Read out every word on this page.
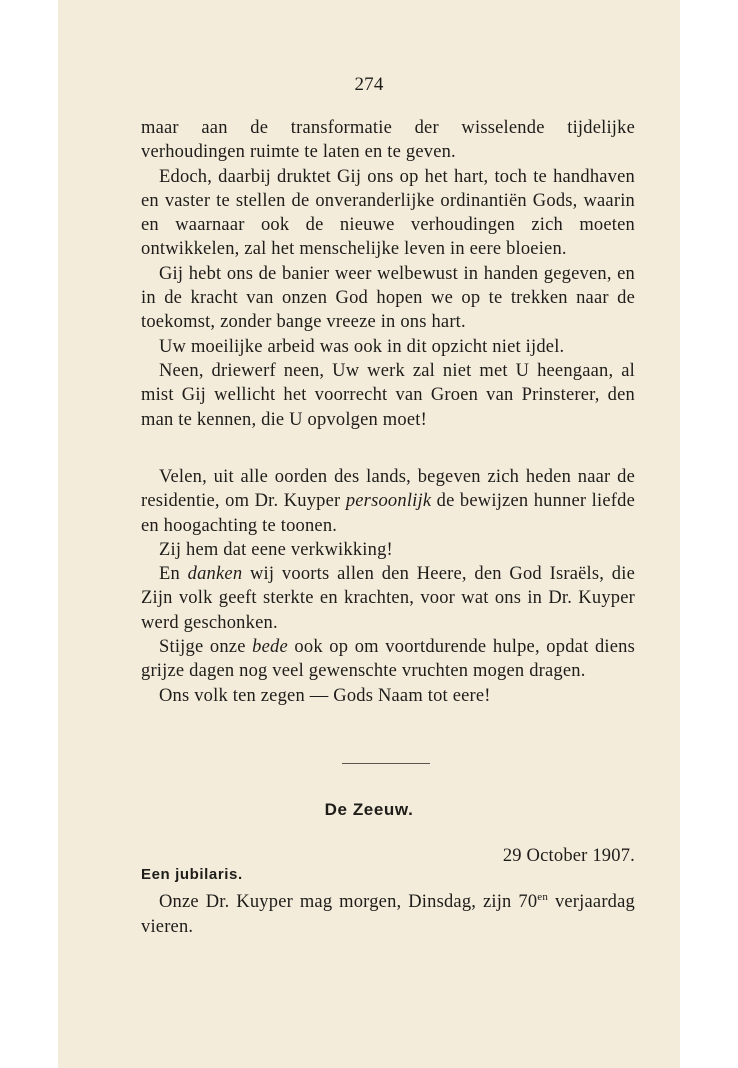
274

maar aan de transformatie der wisselende tijdelijke verhoudingen ruimte te laten en te geven.

Edoch, daarbij druktet Gij ons op het hart, toch te handhaven en vaster te stellen de onveranderlijke ordinantiën Gods, waarin en waarnaar ook de nieuwe verhoudingen zich moeten ontwikkelen, zal het menschelijke leven in eere bloeien.

Gij hebt ons de banier weer welbewust in handen gegeven, en in de kracht van onzen God hopen we op te trekken naar de toekomst, zonder bange vreeze in ons hart.

Uw moeilijke arbeid was ook in dit opzicht niet ijdel.

Neen, driewerf neen, Uw werk zal niet met U heengaan, al mist Gij wellicht het voorrecht van Groen van Prinsterer, den man te kennen, die U opvolgen moet!

Velen, uit alle oorden des lands, begeven zich heden naar de residentie, om Dr. Kuyper persoonlijk de bewijzen hunner liefde en hoogachting te toonen.

Zij hem dat eene verkwikking!

En danken wij voorts allen den Heere, den God Israëls, die Zijn volk geeft sterkte en krachten, voor wat ons in Dr. Kuyper werd geschonken.

Stijge onze bede ook op om voortdurende hulpe, opdat diens grijze dagen nog veel gewenschte vruchten mogen dragen.

Ons volk ten zegen — Gods Naam tot eere!

De Zeeuw.
29 October 1907.
Een jubilaris.

Onze Dr. Kuyper mag morgen, Dinsdag, zijn $70^{en}$ verjaardag vieren.
